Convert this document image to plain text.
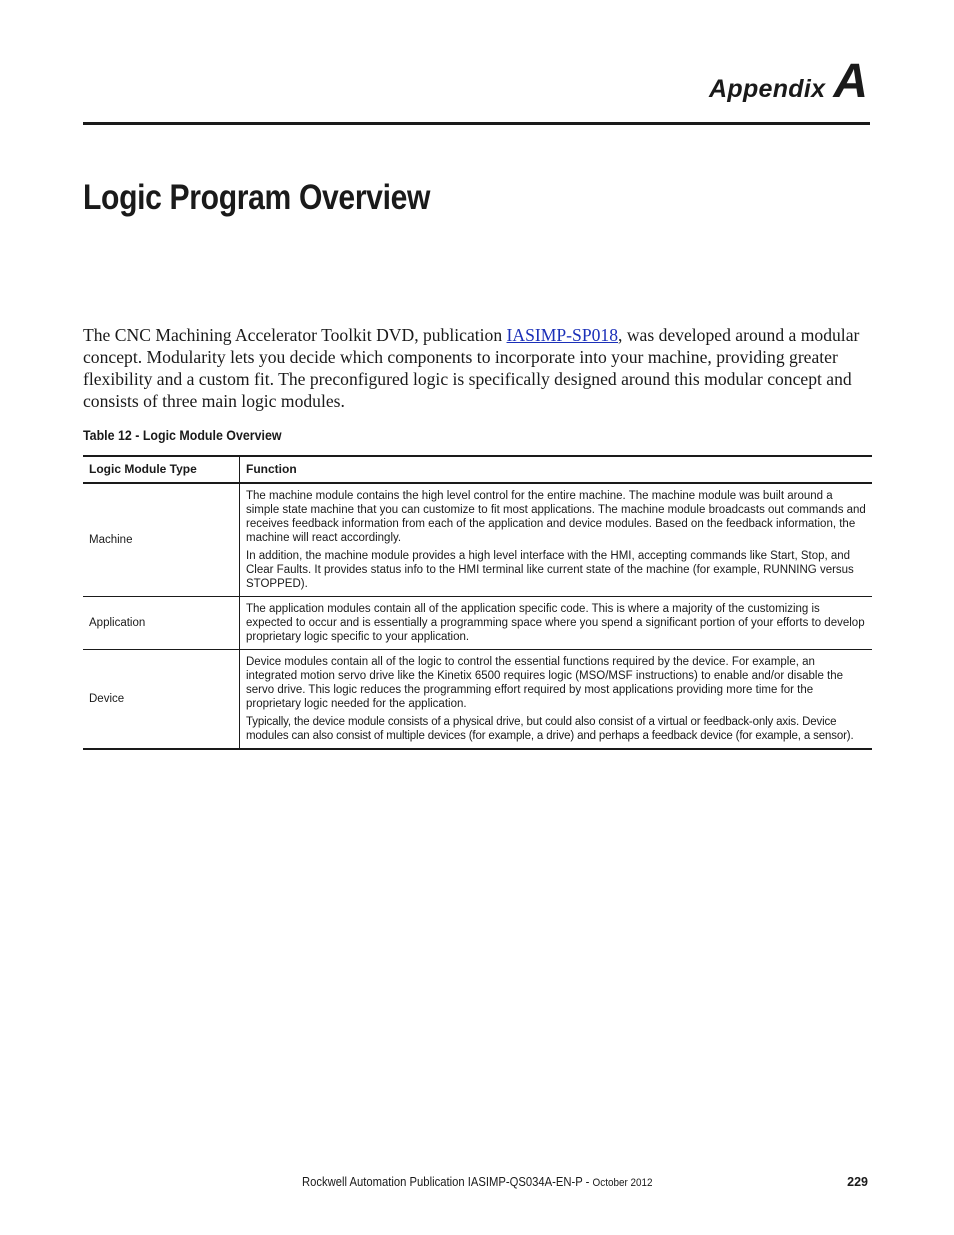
Appendix A
Logic Program Overview

The CNC Machining Accelerator Toolkit DVD, publication IASIMP-SP018, was developed around a modular concept. Modularity lets you decide which components to incorporate into your machine, providing greater flexibility and a custom fit. The preconfigured logic is specifically designed around this modular concept and consists of three main logic modules.

Table 12 - Logic Module Overview

Logic Module Type	Function
Machine	The machine module contains the high level control for the entire machine. The machine module was built around a simple state machine that you can customize to fit most applications. The machine module broadcasts out commands and receives feedback information from each of the application and device modules. Based on the feedback information, the machine will react accordingly.

In addition, the machine module provides a high level interface with the HMI, accepting commands like Start, Stop, and Clear Faults. It provides status info to the HMI terminal like current state of the machine (for example, RUNNING versus STOPPED).

Application	The application modules contain all of the application specific code. This is where a majority of the customizing is expected to occur and is essentially a programming space where you spend a significant portion of your efforts to develop proprietary logic specific to your application.

Device	Device modules contain all of the logic to control the essential functions required by the device. For example, an integrated motion servo drive like the Kinetix 6500 requires logic (MSO/MSF instructions) to enable and/or disable the servo drive. This logic reduces the programming effort required by most applications providing more time for the proprietary logic needed for the application.

Typically, the device module consists of a physical drive, but could also consist of a virtual or feedback-only axis. Device modules can also consist of multiple devices (for example, a drive) and perhaps a feedback device (for example, a sensor).

Rockwell Automation Publication IASIMP-QS034A-EN-P - October 2012	229
